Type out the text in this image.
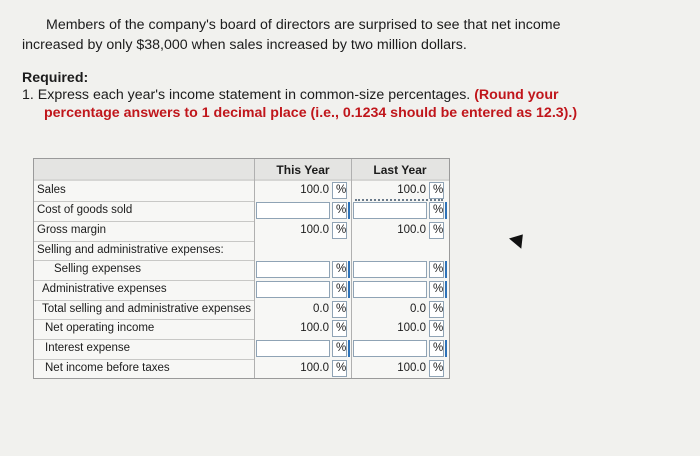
Members of the company's board of directors are surprised to see that net income
increased by only $38,000 when sales increased by two million dollars.
Required:
1. Express each year's income statement in common-size percentages. (Round your
percentage answers to 1 decimal place (i.e., 0.1234 should be entered as 12.3).)
This Year	Last Year
Sales	100.0 %	100.0 %
Cost of goods sold	%	%
Gross margin	100.0 %	100.0 %
Selling and administrative expenses:
Selling expenses	%	%
Administrative expenses	%	%
Total selling and administrative expenses	0.0 %	0.0 %
Net operating income	100.0 %	100.0 %
Interest expense	%	%
Net income before taxes	100.0 %	100.0 %
